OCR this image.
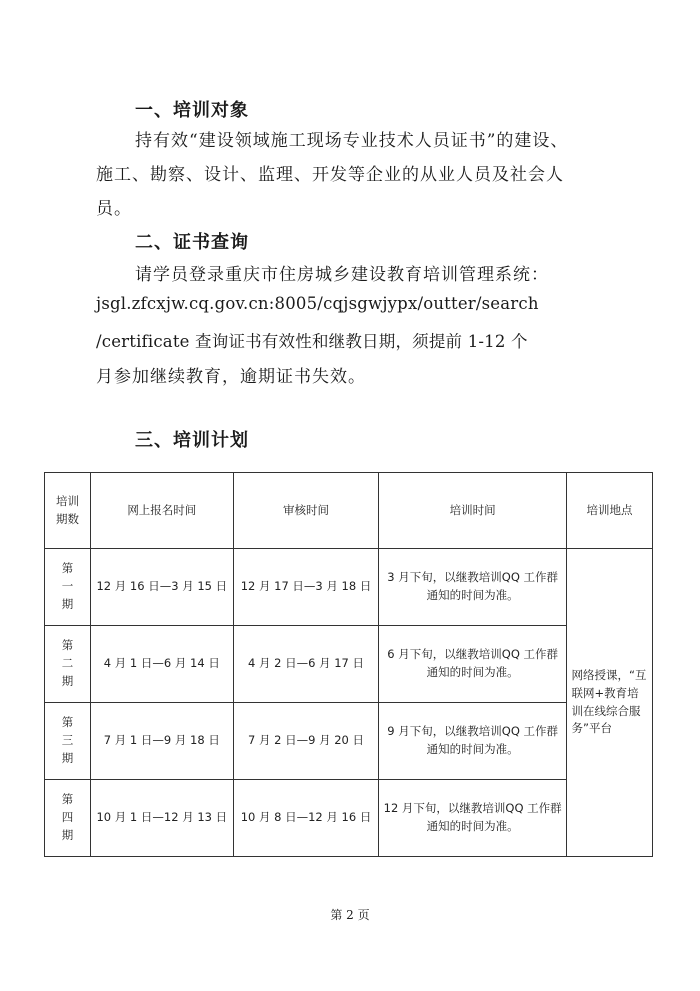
一、培训对象
持有效“建设领域施工现场专业技术人员证书”的建设、
施工、勘察、设计、监理、开发等企业的从业人员及社会人
员。
二、证书查询
请学员登录重庆市住房城乡建设教育培训管理系统：
jsgl.zfcxjw.cq.gov.cn:8005/cqjsgwjypx/outter/search
/certificate 查询证书有效性和继教日期，须提前 1-12 个
月参加继续教育，逾期证书失效。
三、培训计划
培训期数	网上报名时间	审核时间	培训时间	培训地点

第一期	12 月 16 日—3 月 15 日	12 月 17 日—3 月 18 日	3 月下旬，以继教培训QQ 工作群通知的时间为准。	网络授课，“互联网+教育培训在线综合服务”平台

第二期	4 月 1 日—6 月 14 日	4 月 2 日—6 月 17 日	6 月下旬，以继教培训QQ 工作群通知的时间为准。	

第三期	7 月 1 日—9 月 18 日	7 月 2 日—9 月 20 日	9 月下旬，以继教培训QQ 工作群通知的时间为准。	

第四期	10 月 1 日—12 月 13 日	10 月 8 日—12 月 16 日	12 月下旬，以继教培训QQ 工作群通知的时间为准。	
第 2 页
